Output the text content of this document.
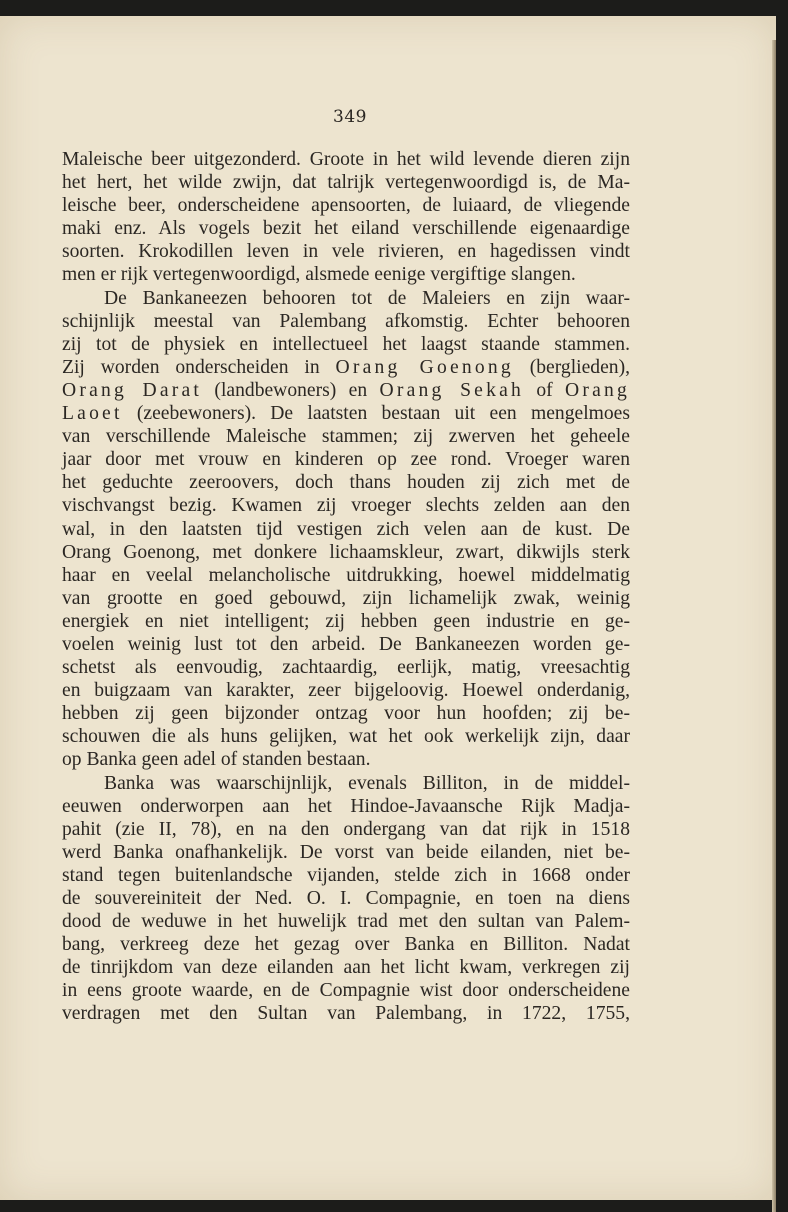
349
Maleische beer uitgezonderd. Groote in het wild levende dieren zijn
het hert, het wilde zwijn, dat talrijk vertegenwoordigd is, de Ma-
leische beer, onderscheidene apensoorten, de luiaard, de vliegende
maki enz. Als vogels bezit het eiland verschillende eigenaardige
soorten. Krokodillen leven in vele rivieren, en hagedissen vindt
men er rijk vertegenwoordigd, alsmede eenige vergiftige slangen.
De Bankaneezen behooren tot de Maleiers en zijn waar-
schijnlijk meestal van Palembang afkomstig. Echter behooren
zij tot de physiek en intellectueel het laagst staande stammen.
Zij worden onderscheiden in Orang Goenong (berglieden),
Orang Darat (landbewoners) en Orang Sekah of Orang
Laoet (zeebewoners). De laatsten bestaan uit een mengelmoes
van verschillende Maleische stammen; zij zwerven het geheele
jaar door met vrouw en kinderen op zee rond. Vroeger waren
het geduchte zeeroovers, doch thans houden zij zich met de
vischvangst bezig. Kwamen zij vroeger slechts zelden aan den
wal, in den laatsten tijd vestigen zich velen aan de kust. De
Orang Goenong, met donkere lichaamskleur, zwart, dikwijls sterk
haar en veelal melancholische uitdrukking, hoewel middelmatig
van grootte en goed gebouwd, zijn lichamelijk zwak, weinig
energiek en niet intelligent; zij hebben geen industrie en ge-
voelen weinig lust tot den arbeid. De Bankaneezen worden ge-
schetst als eenvoudig, zachtaardig, eerlijk, matig, vreesachtig
en buigzaam van karakter, zeer bijgeloovig. Hoewel onderdanig,
hebben zij geen bijzonder ontzag voor hun hoofden; zij be-
schouwen die als huns gelijken, wat het ook werkelijk zijn, daar
op Banka geen adel of standen bestaan.
Banka was waarschijnlijk, evenals Billiton, in de middel-
eeuwen onderworpen aan het Hindoe-Javaansche Rijk Madja-
pahit (zie II, 78), en na den ondergang van dat rijk in 1518
werd Banka onafhankelijk. De vorst van beide eilanden, niet be-
stand tegen buitenlandsche vijanden, stelde zich in 1668 onder
de souvereiniteit der Ned. O. I. Compagnie, en toen na diens
dood de weduwe in het huwelijk trad met den sultan van Palem-
bang, verkreeg deze het gezag over Banka en Billiton. Nadat
de tinrijkdom van deze eilanden aan het licht kwam, verkregen zij
in eens groote waarde, en de Compagnie wist door onderscheidene
verdragen met den Sultan van Palembang, in 1722, 1755,
